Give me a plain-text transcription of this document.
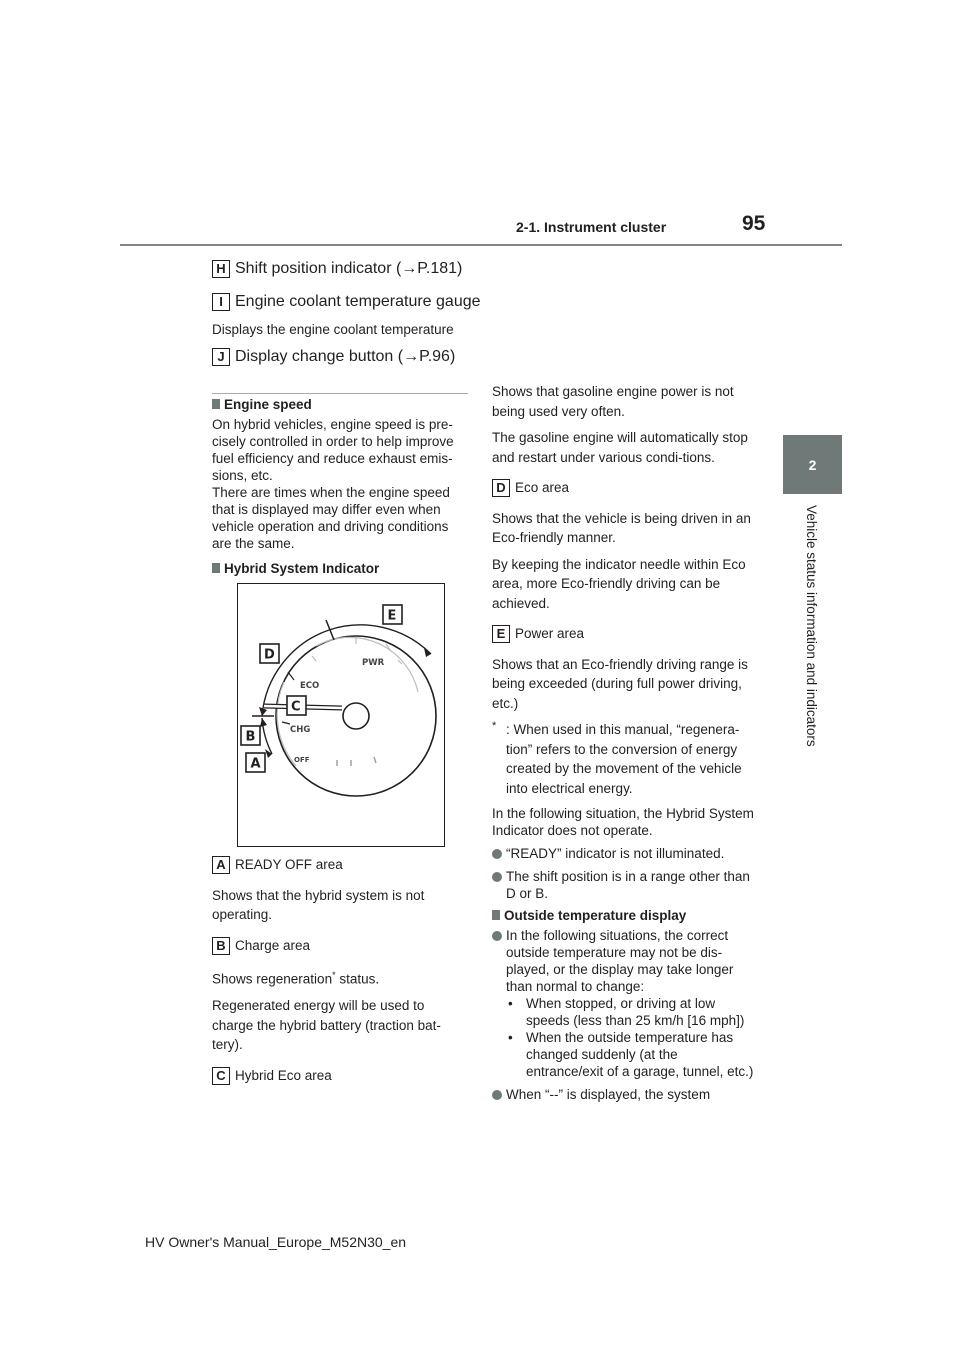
95
2-1. Instrument cluster
2
Vehicle status information and indicators
H Shift position indicator (→P.181)
I Engine coolant temperature gauge
Displays the engine coolant temperature
J Display change button (→P.96)
Engine speed
On hybrid vehicles, engine speed is pre-cisely controlled in order to help improve fuel efficiency and reduce exhaust emis-sions, etc.
There are times when the engine speed that is displayed may differ even when vehicle operation and driving conditions are the same.
Hybrid System Indicator
PWR
ECO
CHG
OFF
E
D
C
B
A
A READY OFF area
Shows that the hybrid system is not operating.
B Charge area
Shows regeneration* status.
Regenerated energy will be used to charge the hybrid battery (traction bat-tery).
C Hybrid Eco area
Shows that gasoline engine power is not being used very often.
The gasoline engine will automatically stop and restart under various condi-tions.
D Eco area
Shows that the vehicle is being driven in an Eco-friendly manner.
By keeping the indicator needle within Eco area, more Eco-friendly driving can be achieved.
E Power area
Shows that an Eco-friendly driving range is being exceeded (during full power driving, etc.)
* : When used in this manual, “regenera-tion” refers to the conversion of energy created by the movement of the vehicle into electrical energy.
In the following situation, the Hybrid System Indicator does not operate.
“READY” indicator is not illuminated.
The shift position is in a range other than D or B.
Outside temperature display
In the following situations, the correct outside temperature may not be dis-played, or the display may take longer than normal to change:
• When stopped, or driving at low speeds (less than 25 km/h [16 mph])
• When the outside temperature has changed suddenly (at the entrance/exit of a garage, tunnel, etc.)
When “--” is displayed, the system
HV Owner's Manual_Europe_M52N30_en
